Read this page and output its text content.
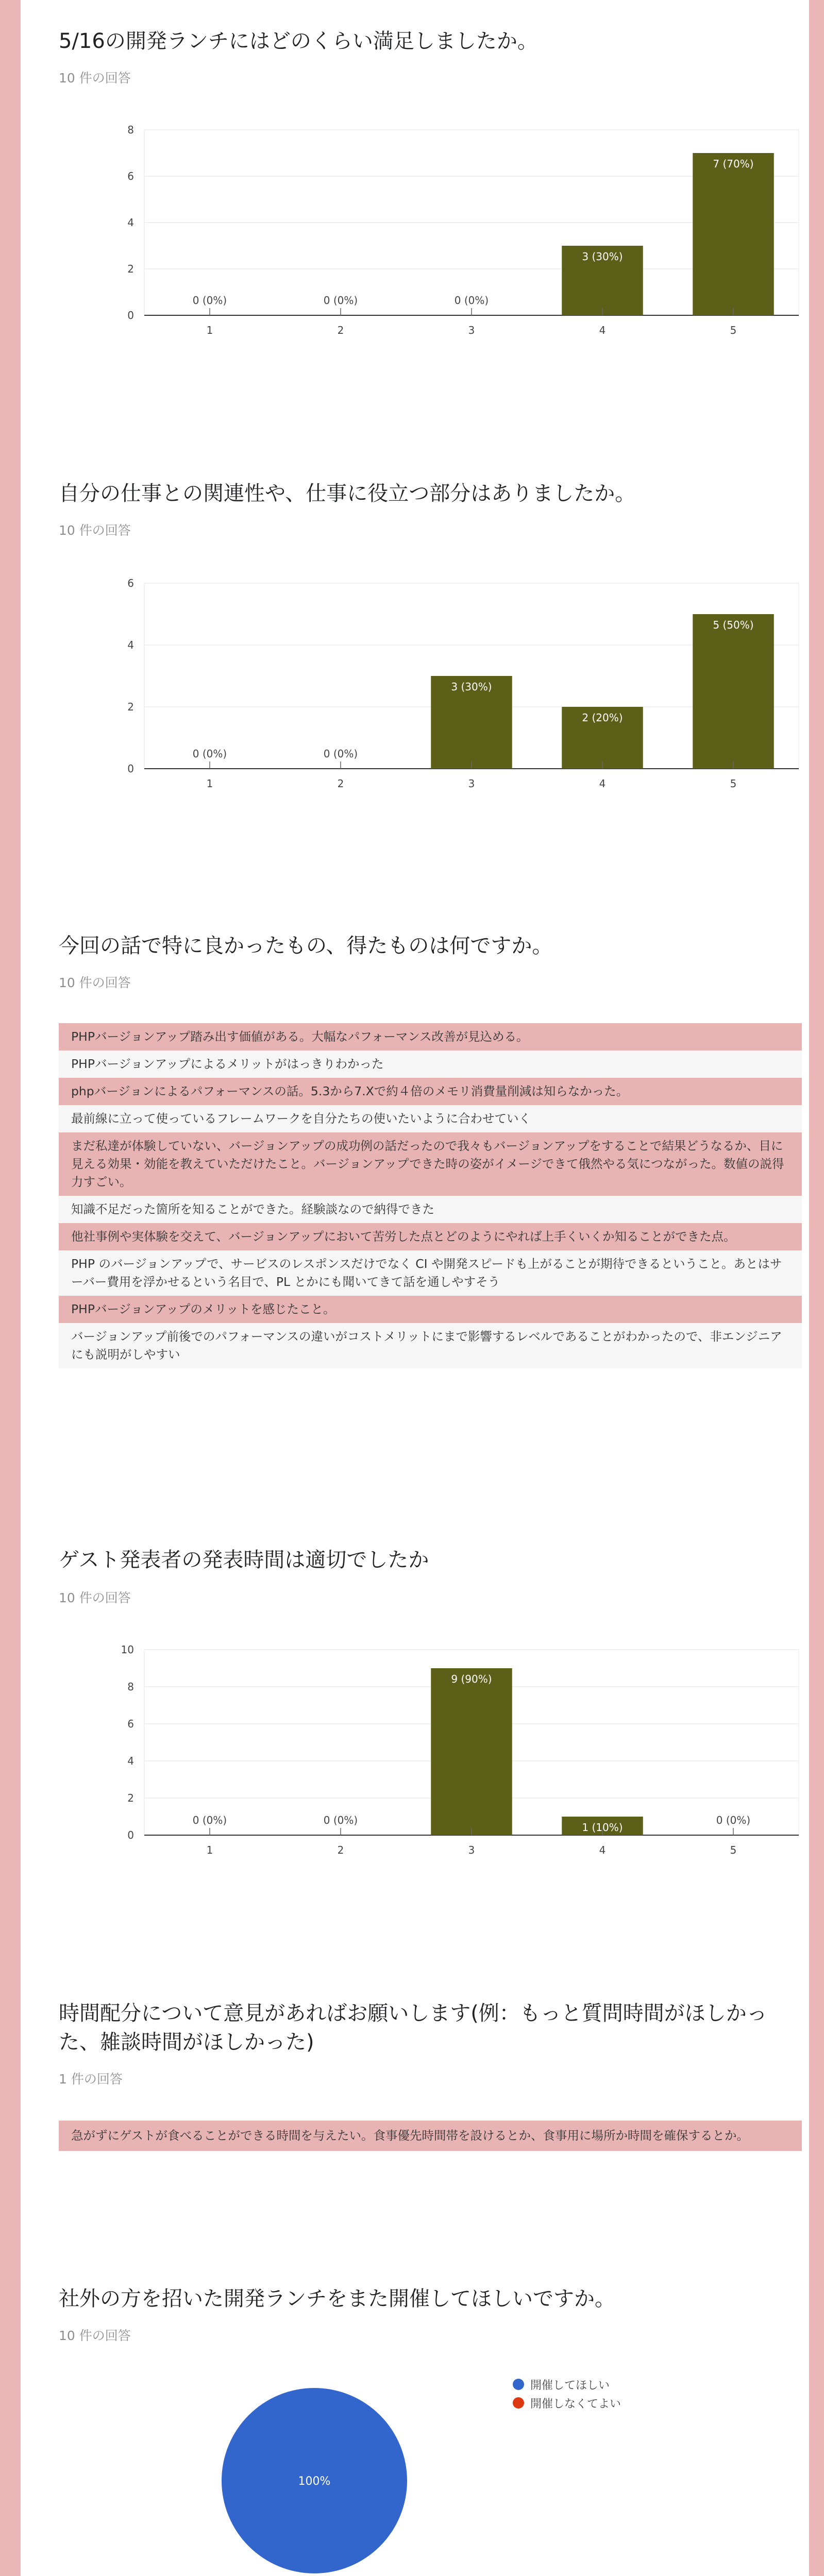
5/16の開発ランチにはどのくらい満足しましたか。
10 件の回答
0
2
4
6
8
0 (0%)
1
0 (0%)
2
0 (0%)
3
3 (30%)
4
7 (70%)
5
自分の仕事との関連性や、仕事に役立つ部分はありましたか。
10 件の回答
0
2
4
6
0 (0%)
1
0 (0%)
2
3 (30%)
3
2 (20%)
4
5 (50%)
5
今回の話で特に良かったもの、得たものは何ですか。
10 件の回答
PHPバージョンアップ踏み出す価値がある。大幅なパフォーマンス改善が見込める。
PHPバージョンアップによるメリットがはっきりわかった
phpバージョンによるパフォーマンスの話。5.3から7.Xで約４倍のメモリ消費量削減は知らなかった。
最前線に立って使っているフレームワークを自分たちの使いたいように合わせていく
まだ私達が体験していない、バージョンアップの成功例の話だったので我々もバージョンアップをすることで結果どうなるか、目に見える効果・効能を教えていただけたこと。バージョンアップできた時の姿がイメージできて俄然やる気につながった。数値の説得力すごい。
知識不足だった箇所を知ることができた。経験談なので納得できた
他社事例や実体験を交えて、バージョンアップにおいて苦労した点とどのようにやれば上手くいくか知ることができた点。
PHP のバージョンアップで、サービスのレスポンスだけでなく CI や開発スピードも上がることが期待できるということ。あとはサーバー費用を浮かせるという名目で、PL とかにも聞いてきて話を通しやすそう
PHPバージョンアップのメリットを感じたこと。
バージョンアップ前後でのパフォーマンスの違いがコストメリットにまで影響するレベルであることがわかったので、非エンジニアにも説明がしやすい
ゲスト発表者の発表時間は適切でしたか
10 件の回答
0
2
4
6
8
10
0 (0%)
1
0 (0%)
2
9 (90%)
3
1 (10%)
4
0 (0%)
5
時間配分について意見があればお願いします(例：もっと質問時間がほしかった、雑談時間がほしかった)
1 件の回答
急がずにゲストが食べることができる時間を与えたい。食事優先時間帯を設けるとか、食事用に場所か時間を確保するとか。
社外の方を招いた開発ランチをまた開催してほしいですか。
10 件の回答
100%
開催してほしい
開催しなくてよい
